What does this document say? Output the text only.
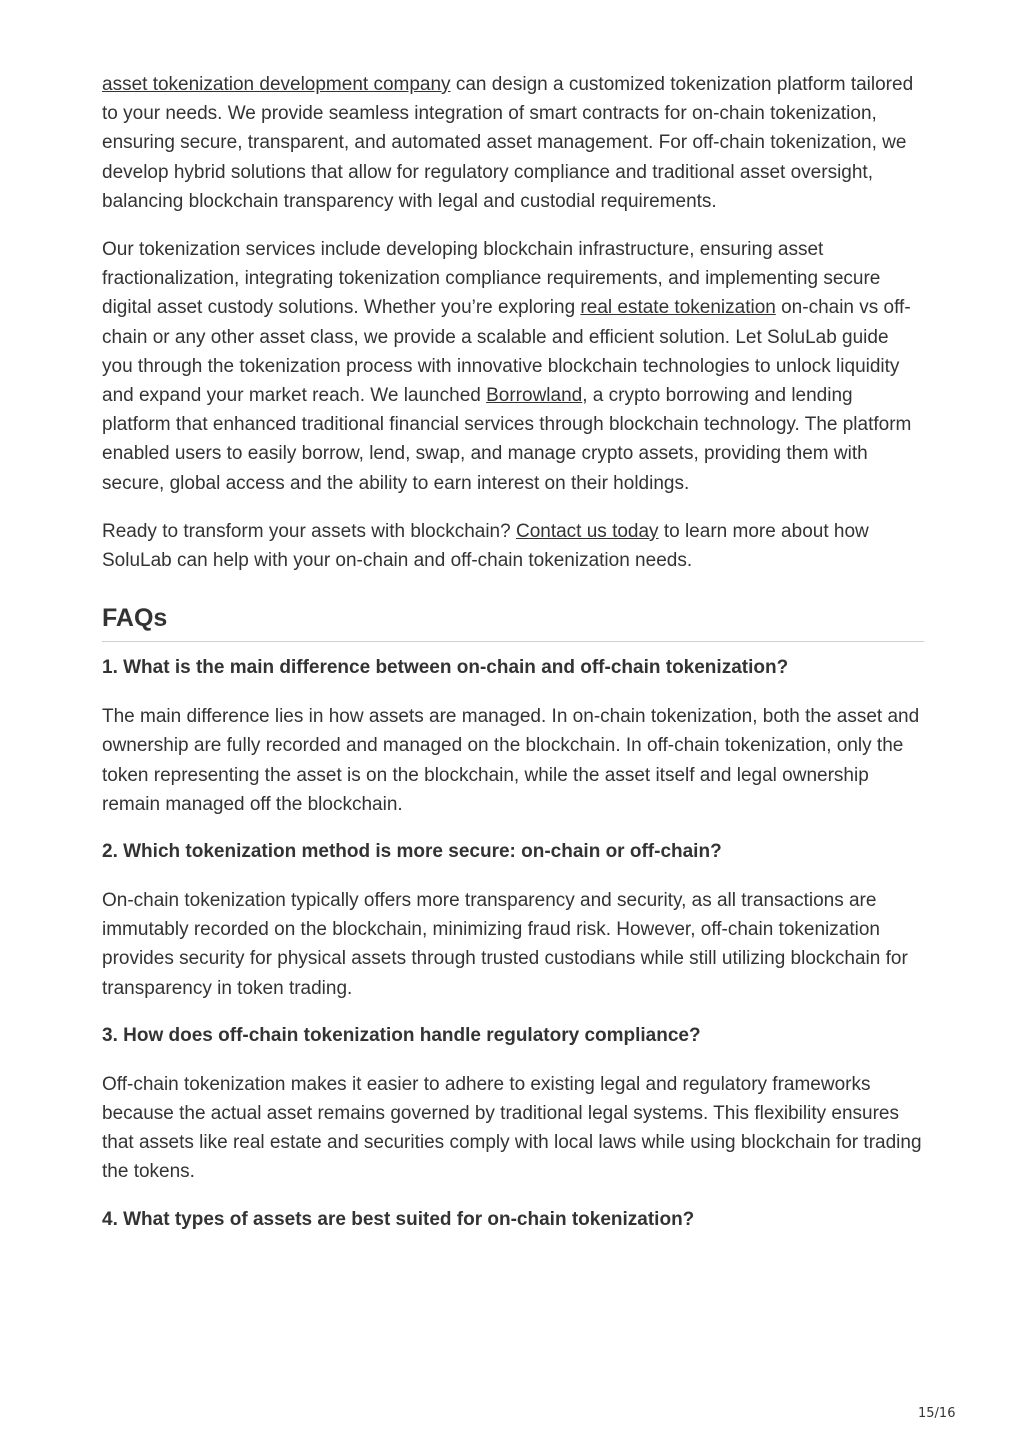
asset tokenization development company can design a customized tokenization platform tailored to your needs. We provide seamless integration of smart contracts for on-chain tokenization, ensuring secure, transparent, and automated asset management. For off-chain tokenization, we develop hybrid solutions that allow for regulatory compliance and traditional asset oversight, balancing blockchain transparency with legal and custodial requirements.

Our tokenization services include developing blockchain infrastructure, ensuring asset fractionalization, integrating tokenization compliance requirements, and implementing secure digital asset custody solutions. Whether you’re exploring real estate tokenization on-chain vs off-chain or any other asset class, we provide a scalable and efficient solution. Let SoluLab guide you through the tokenization process with innovative blockchain technologies to unlock liquidity and expand your market reach. We launched Borrowland, a crypto borrowing and lending platform that enhanced traditional financial services through blockchain technology. The platform enabled users to easily borrow, lend, swap, and manage crypto assets, providing them with secure, global access and the ability to earn interest on their holdings.

Ready to transform your assets with blockchain? Contact us today to learn more about how SoluLab can help with your on-chain and off-chain tokenization needs.

FAQs
1. What is the main difference between on-chain and off-chain tokenization?

The main difference lies in how assets are managed. In on-chain tokenization, both the asset and ownership are fully recorded and managed on the blockchain. In off-chain tokenization, only the token representing the asset is on the blockchain, while the asset itself and legal ownership remain managed off the blockchain.

2. Which tokenization method is more secure: on-chain or off-chain?

On-chain tokenization typically offers more transparency and security, as all transactions are immutably recorded on the blockchain, minimizing fraud risk. However, off-chain tokenization provides security for physical assets through trusted custodians while still utilizing blockchain for transparency in token trading.

3. How does off-chain tokenization handle regulatory compliance?

Off-chain tokenization makes it easier to adhere to existing legal and regulatory frameworks because the actual asset remains governed by traditional legal systems. This flexibility ensures that assets like real estate and securities comply with local laws while using blockchain for trading the tokens.

4. What types of assets are best suited for on-chain tokenization?
15/16
